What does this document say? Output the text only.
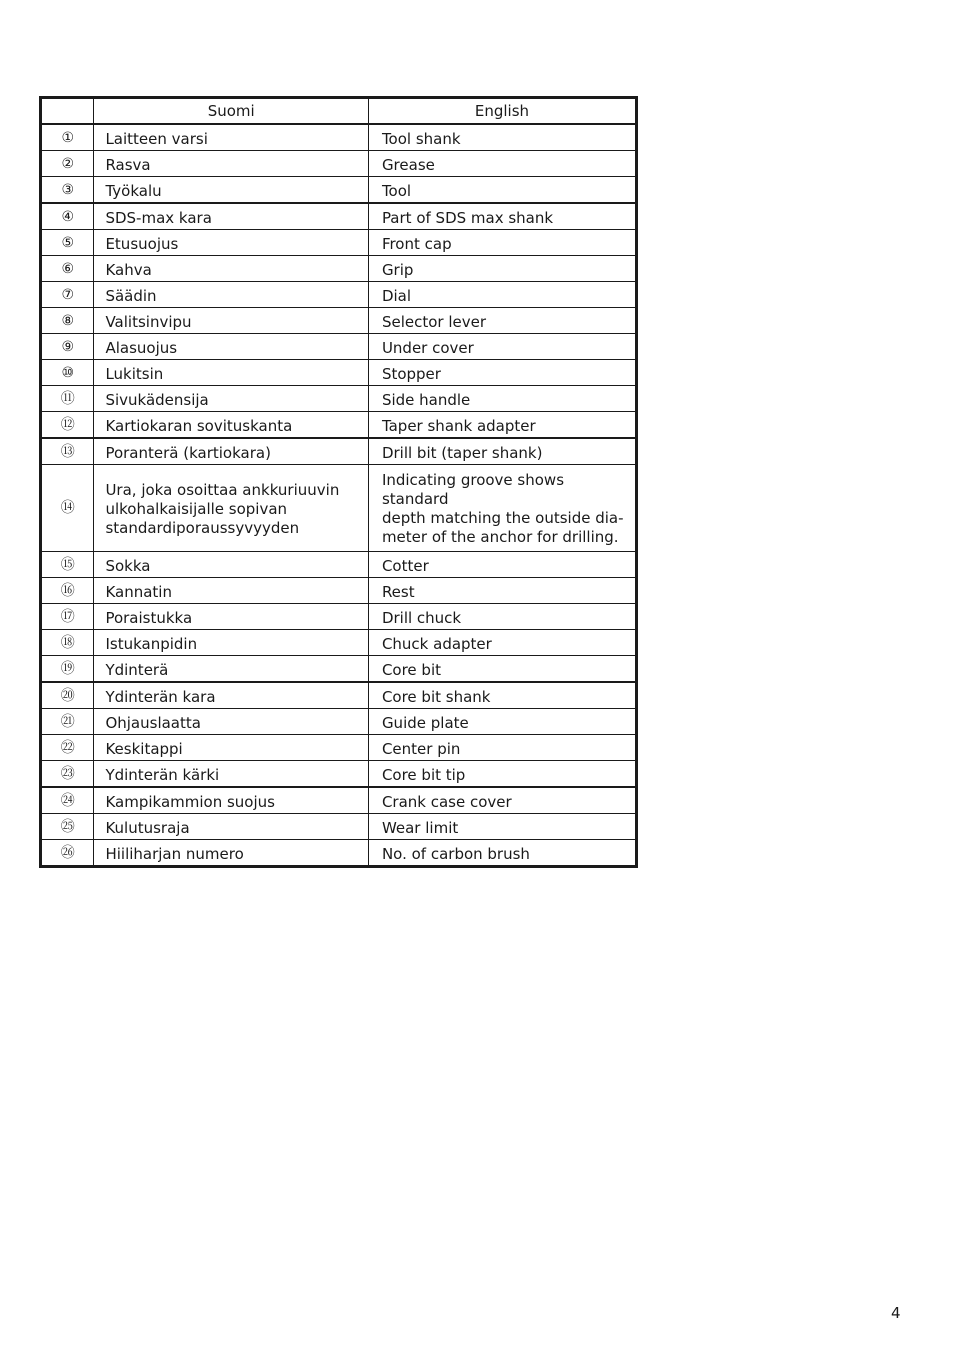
	Suomi	English
①	Laitteen varsi	Tool shank

②	Rasva	Grease

③	Työkalu	Tool

④	SDS-max kara	Part of SDS max shank

⑤	Etusuojus	Front cap

⑥	Kahva	Grip

⑦	Säädin	Dial

⑧	Valitsinvipu	Selector lever

⑨	Alasuojus	Under cover

⑩	Lukitsin	Stopper

⑪	Sivukädensija	Side handle

⑫	Kartiokaran sovituskanta	Taper shank adapter

⑬	Poranterä (kartiokara)	Drill bit (taper shank)

⑭	Ura, joka osoittaa ankkuriuuvin
ulkohalkaisijalle sopivan
standardiporaussyvyyden	Indicating groove shows standard
depth matching the outside dia-
meter of the anchor for drilling.

⑮	Sokka	Cotter

⑯	Kannatin	Rest

⑰	Poraistukka	Drill chuck

⑱	Istukanpidin	Chuck adapter

⑲	Ydinterä	Core bit

⑳	Ydinterän kara	Core bit shank

㉑	Ohjauslaatta	Guide plate

㉒	Keskitappi	Center pin

㉓	Ydinterän kärki	Core bit tip

㉔	Kampikammion suojus	Crank case cover

㉕	Kulutusraja	Wear limit

㉖	Hiiliharjan numero	No. of carbon brush
4
